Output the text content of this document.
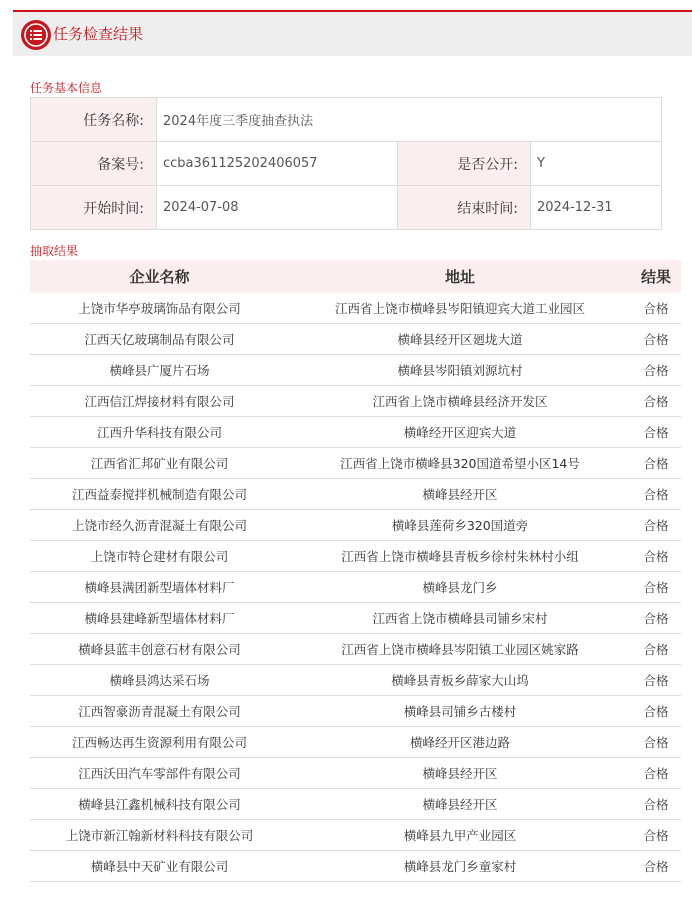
任务检查结果
任务基本信息
任务名称:	2024年度三季度抽查执法		
备案号:	ccba361125202406057	是否公开:	Y
开始时间:	2024-07-08	结束时间:	2024-12-31
抽取结果
企业名称	地址	结果
上饶市华亭玻璃饰品有限公司	江西省上饶市横峰县岑阳镇迎宾大道工业园区	合格
江西天亿玻璃制品有限公司	横峰县经开区廻垅大道	合格
横峰县广厦片石场	横峰县岑阳镇刘源坑村	合格
江西信江焊接材料有限公司	江西省上饶市横峰县经济开发区	合格
江西升华科技有限公司	横峰经开区迎宾大道	合格
江西省汇邦矿业有限公司	江西省上饶市横峰县320国道希望小区14号	合格
江西益泰搅拌机械制造有限公司	横峰县经开区	合格
上饶市经久沥青混凝土有限公司	横峰县莲荷乡320国道旁	合格
上饶市特仑建材有限公司	江西省上饶市横峰县青板乡徐村朱林村小组	合格
横峰县满团新型墙体材料厂	横峰县龙门乡	合格
横峰县建峰新型墙体材料厂	江西省上饶市横峰县司铺乡宋村	合格
横峰县蓝丰创意石材有限公司	江西省上饶市横峰县岑阳镇工业园区姚家路	合格
横峰县鸿达采石场	横峰县青板乡薛家大山坞	合格
江西智豪沥青混凝土有限公司	横峰县司铺乡古楼村	合格
江西畅达再生资源利用有限公司	横峰经开区港边路	合格
江西沃田汽车零部件有限公司	横峰县经开区	合格
横峰县江鑫机械科技有限公司	横峰县经开区	合格
上饶市新江翰新材料科技有限公司	横峰县九甲产业园区	合格
横峰县中天矿业有限公司	横峰县龙门乡童家村	合格
